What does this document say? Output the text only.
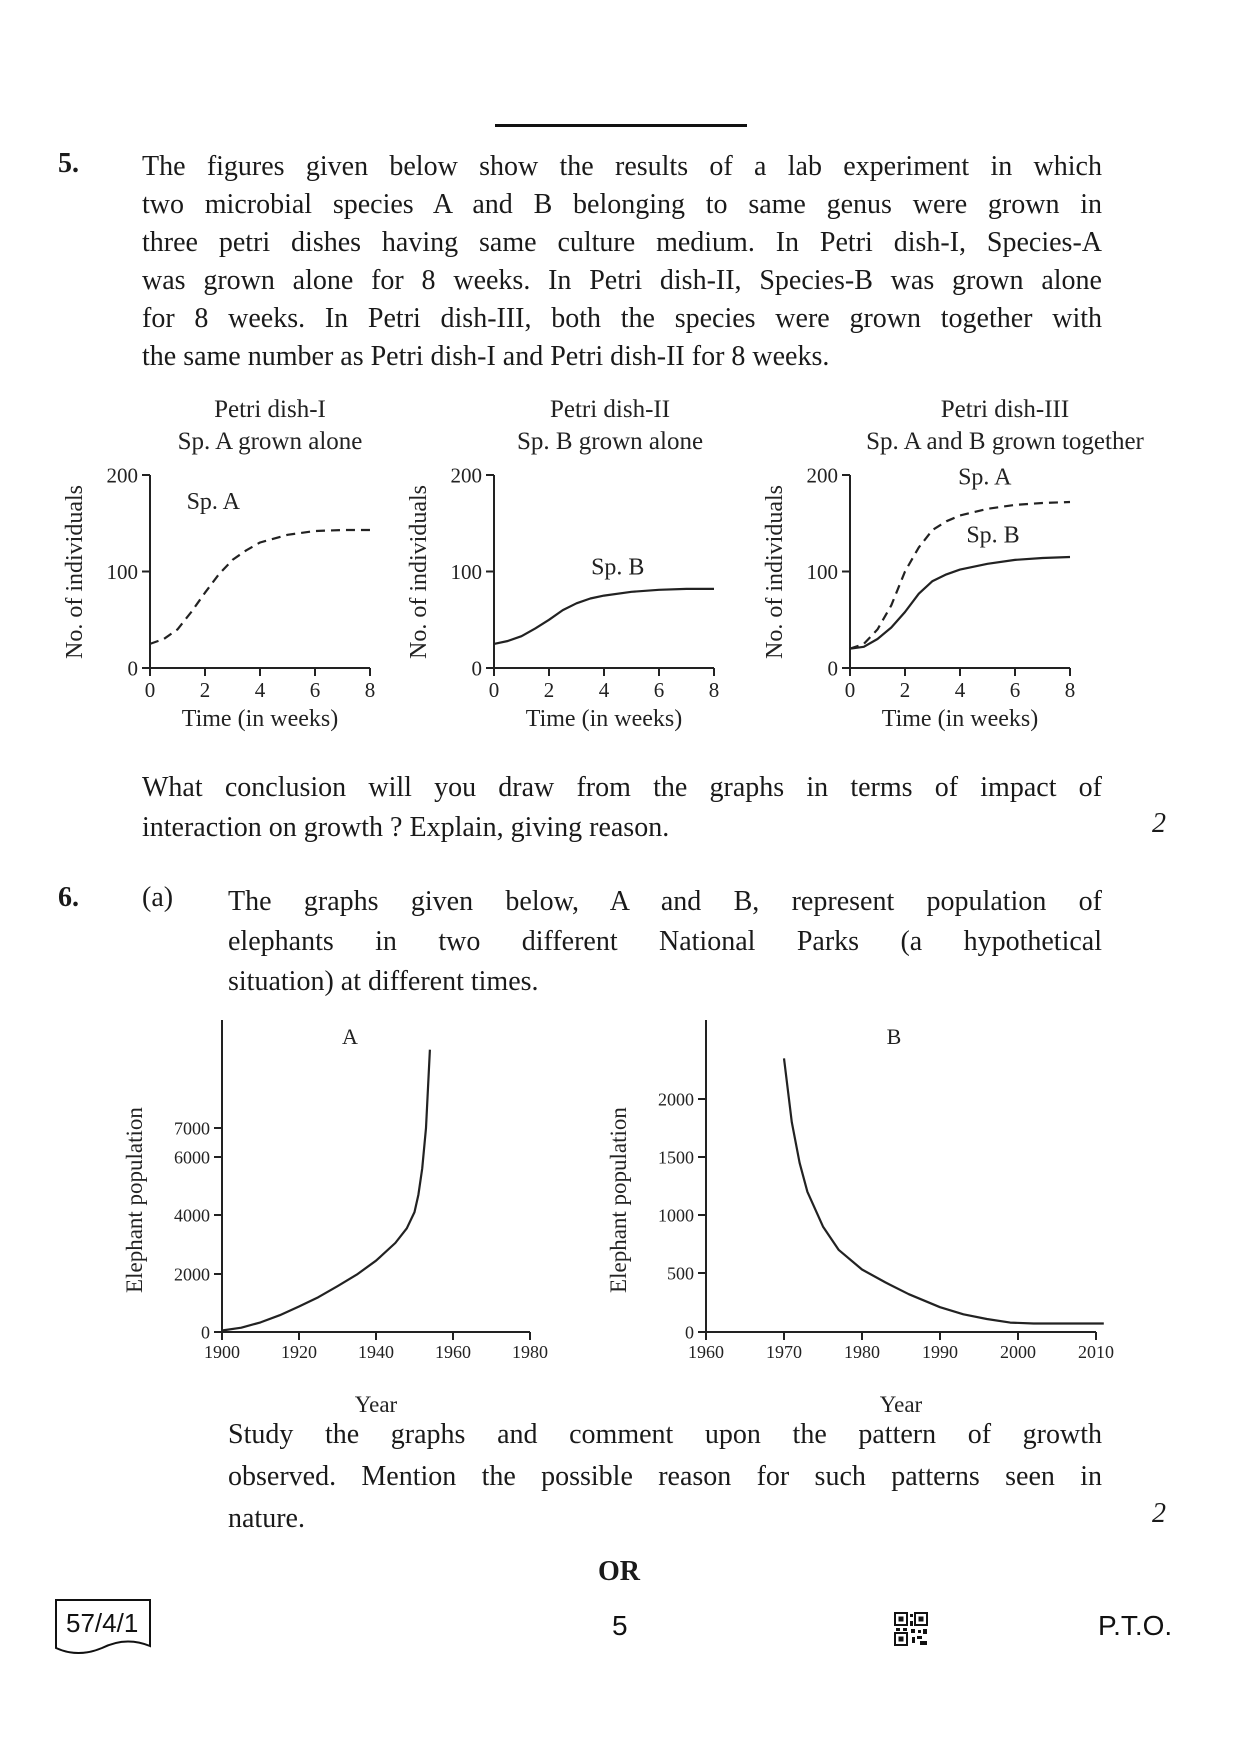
5. The figures given below show the results of a lab experiment in which
two microbial species A and B belonging to same genus were grown in
three petri dishes having same culture medium. In Petri dish-I, Species-A
was grown alone for 8 weeks. In Petri dish-II, Species-B was grown alone
for 8 weeks. In Petri dish-III, both the species were grown together with
the same number as Petri dish-I and Petri dish-II for 8 weeks.
Petri dish-I
Sp. A grown alone
Petri dish-II
Sp. B grown alone
Petri dish-III
Sp. A and B grown together
0 2 4 6 8
0
100
200
No. of individuals
Time (in weeks)
Sp. A
0 2 4 6 8
0
100
200
No. of individuals
Time (in weeks)
Sp. B
0 2 4 6 8
0
100
200
No. of individuals
Time (in weeks)
Sp. A
Sp. B
1900 1920 1940 1960 1980
0
2000
4000
6000
7000
Elephant population
Year
A
1960 1970 1980 1990 2000 2010
0
500
1000
1500
2000
Elephant population
Year
B
What conclusion will you draw from the graphs in terms of impact of
interaction on growth ? Explain, giving reason.	2
6. (a) The graphs given below, A and B, represent population of
elephants in two different National Parks (a hypothetical
situation) at different times.
Study the graphs and comment upon the pattern of growth
observed. Mention the possible reason for such patterns seen in
nature.	2
OR
57/4/1	5	P.T.O.
